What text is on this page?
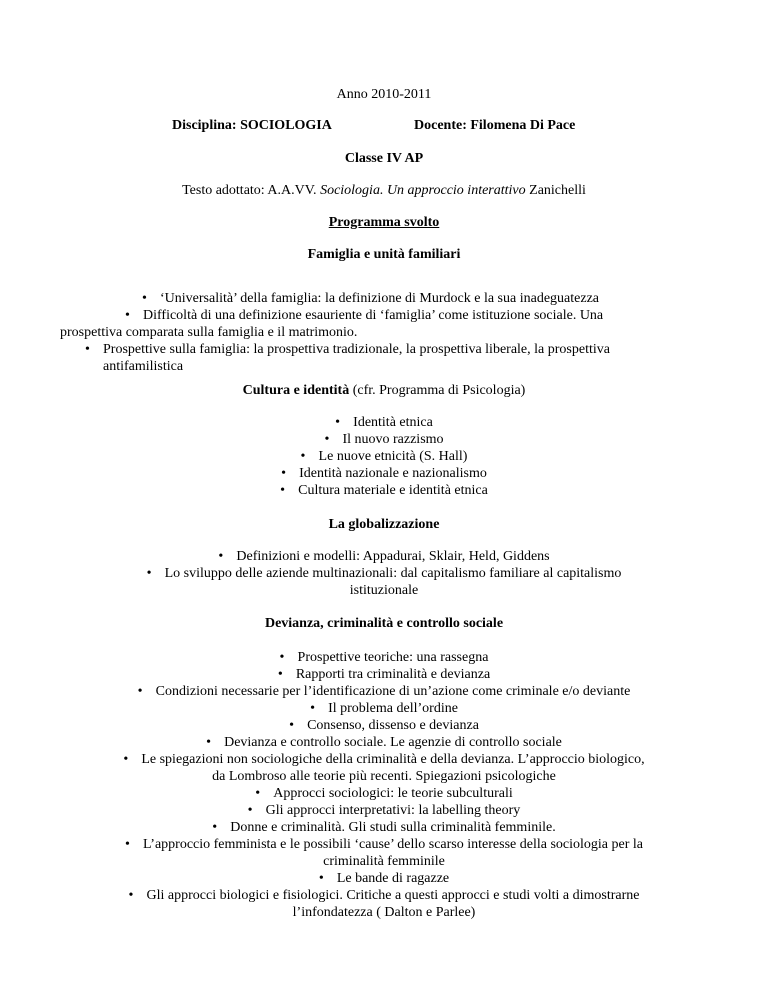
Anno 2010-2011
Disciplina: SOCIOLOGIA	Docente: Filomena Di Pace
Classe IV AP
Testo adottato: A.A.VV. Sociologia. Un approccio interattivo Zanichelli
Programma svolto
Famiglia e unità familiari
• ‘Universalità’ della famiglia: la definizione di Murdock e la sua inadeguatezza
• Difficoltà di una definizione esauriente di ‘famiglia’ come istituzione sociale. Una
prospettiva comparata sulla famiglia e il matrimonio.
• Prospettive sulla famiglia: la prospettiva tradizionale, la prospettiva liberale, la prospettiva
antifamilistica
Cultura e identità (cfr. Programma di Psicologia)
• Identità etnica
• Il nuovo razzismo
• Le nuove etnicità (S. Hall)
• Identità nazionale e nazionalismo
• Cultura materiale e identità etnica
La globalizzazione
• Definizioni e modelli: Appadurai, Sklair, Held, Giddens
• Lo sviluppo delle aziende multinazionali: dal capitalismo familiare al capitalismo
istituzionale
Devianza, criminalità e controllo sociale
• Prospettive teoriche: una rassegna
• Rapporti tra criminalità e devianza
• Condizioni necessarie per l’identificazione di un’azione come criminale e/o deviante
• Il problema dell’ordine
• Consenso, dissenso e devianza
• Devianza e controllo sociale. Le agenzie di controllo sociale
• Le spiegazioni non sociologiche della criminalità e della devianza. L’approccio biologico,
da Lombroso alle teorie più recenti. Spiegazioni psicologiche
• Approcci sociologici: le teorie subculturali
• Gli approcci interpretativi: la labelling theory
• Donne e criminalità. Gli studi sulla criminalità femminile.
• L’approccio femminista e le possibili ‘cause’ dello scarso interesse della sociologia per la
criminalità femminile
• Le bande di ragazze
• Gli approcci biologici e fisiologici. Critiche a questi approcci e studi volti a dimostrarne
l’infondatezza ( Dalton e Parlee)
